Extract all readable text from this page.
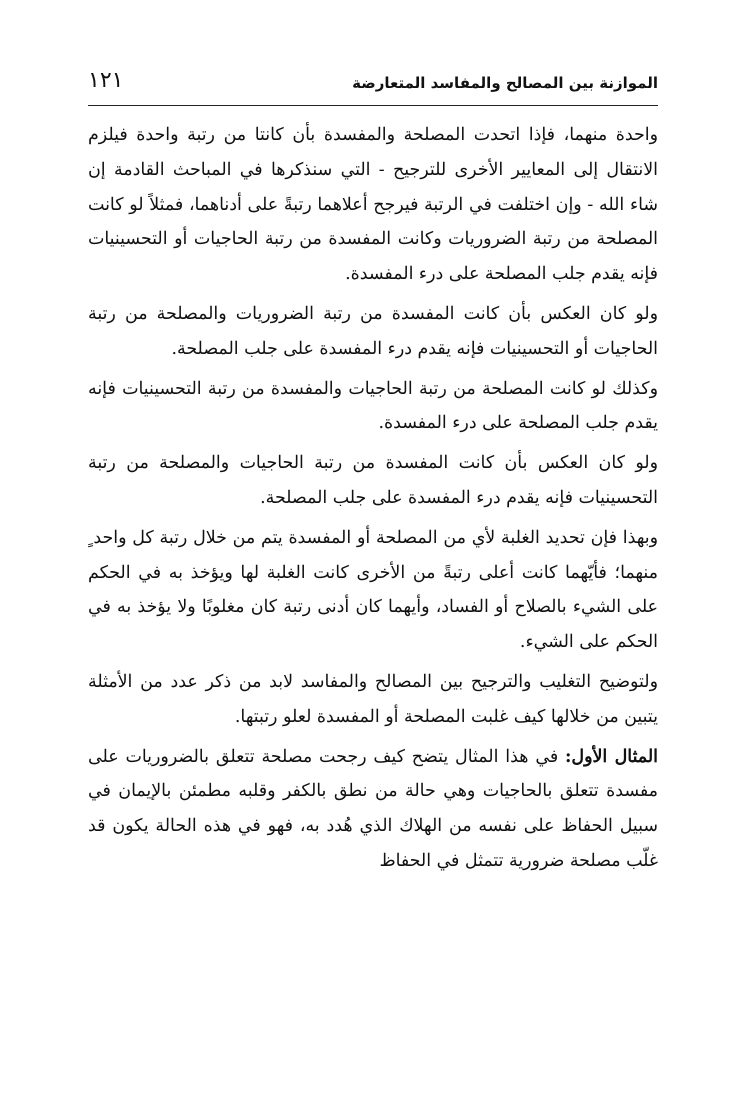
الموازنة بين المصالح والمفاسد المتعارضة
١٢١

واحدة منهما، فإذا اتحدت المصلحة والمفسدة بأن كانتا من رتبة واحدة فيلزم الانتقال إلى المعايير الأخرى للترجيح - التي سنذكرها في المباحث القادمة إن شاء الله - وإن اختلفت في الرتبة فيرجح أعلاهما رتبةً على أدناهما، فمثلاً لو كانت المصلحة من رتبة الضروريات وكانت المفسدة من رتبة الحاجيات أو التحسينيات فإنه يقدم جلب المصلحة على درء المفسدة.

ولو كان العكس بأن كانت المفسدة من رتبة الضروريات والمصلحة من رتبة الحاجيات أو التحسينيات فإنه يقدم درء المفسدة على جلب المصلحة.

وكذلك لو كانت المصلحة من رتبة الحاجيات والمفسدة من رتبة التحسينيات فإنه يقدم جلب المصلحة على درء المفسدة.

ولو كان العكس بأن كانت المفسدة من رتبة الحاجيات والمصلحة من رتبة التحسينيات فإنه يقدم درء المفسدة على جلب المصلحة.

وبهذا فإن تحديد الغلبة لأي من المصلحة أو المفسدة يتم من خلال رتبة كل واحد ٍ منهما؛ فأيّهما كانت أعلى رتبةً من الأخرى كانت الغلبة لها ويؤخذ به في الحكم على الشيء بالصلاح أو الفساد، وأيهما كان أدنى رتبة كان مغلوبًا ولا يؤخذ به في الحكم على الشيء.

ولتوضيح التغليب والترجيح بين المصالح والمفاسد لابد من ذكر عدد من الأمثلة يتبين من خلالها كيف غلبت المصلحة أو المفسدة لعلو رتبتها.

المثال الأول: في هذا المثال يتضح كيف رجحت مصلحة تتعلق بالضروريات على مفسدة تتعلق بالحاجيات وهي حالة من نطق بالكفر وقلبه مطمئن بالإيمان في سبيل الحفاظ على نفسه من الهلاك الذي هُدد به، فهو في هذه الحالة يكون قد غلّب مصلحة ضرورية تتمثل في الحفاظ
